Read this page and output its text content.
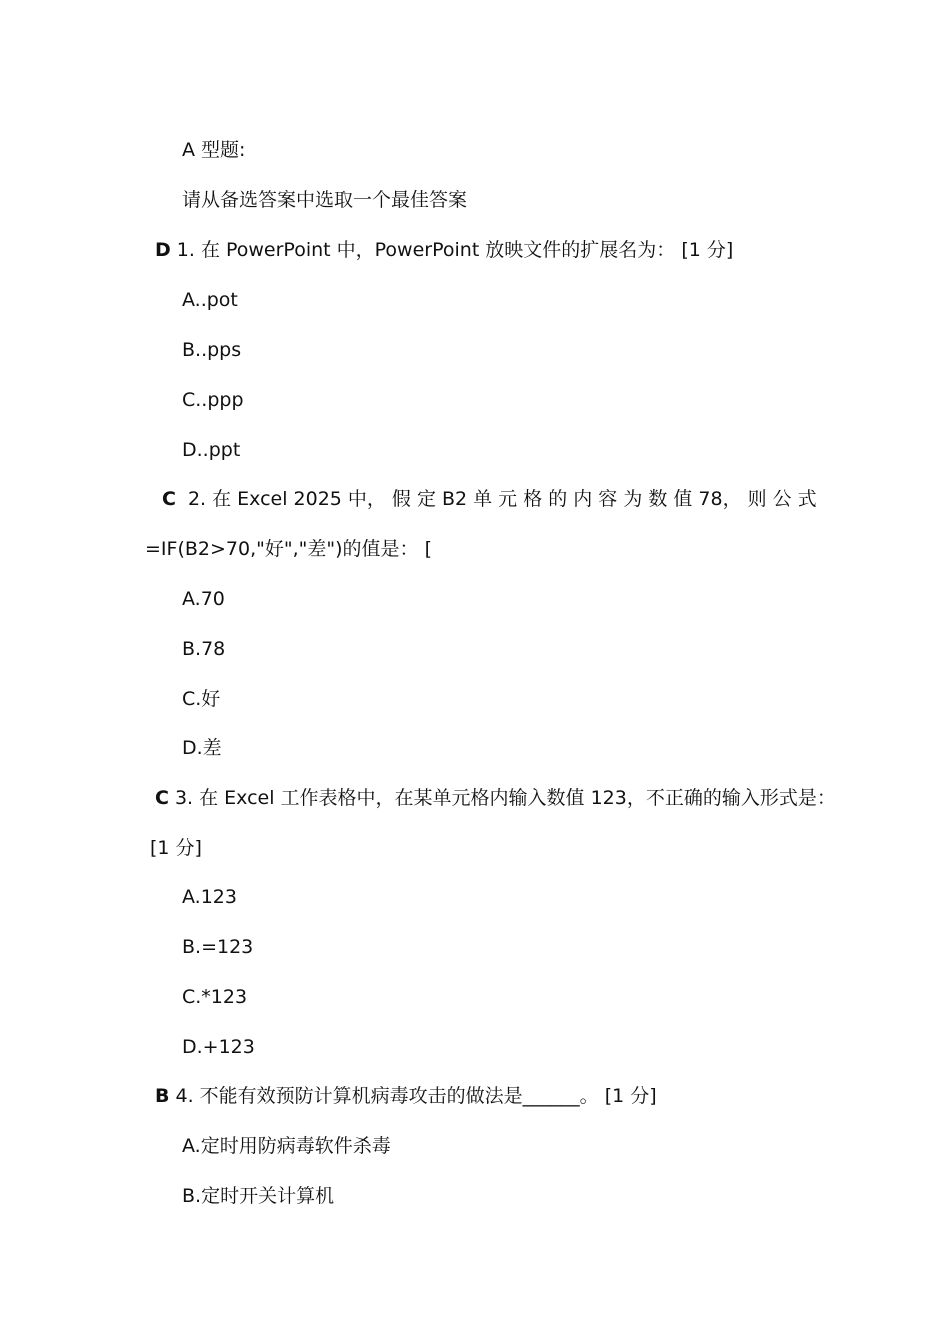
A 型题:
请从备选答案中选取一个最佳答案
D 1. 在 PowerPoint 中，PowerPoint 放映文件的扩展名为： [1 分]
A..pot
B..pps
C..ppp
D..ppt
C 2. 在 Excel 2025 中， 假 定 B2 单 元 格 的 内 容 为 数 值 78， 则 公 式
=IF(B2>70,"好","差")的值是： [
A.70
B.78
C.好
D.差
C 3. 在 Excel 工作表格中，在某单元格内输入数值 123，不正确的输入形式是：
[1 分]
A.123
B.=123
C.*123
D.+123
B 4. 不能有效预防计算机病毒攻击的做法是______。 [1 分]
A.定时用防病毒软件杀毒
B.定时开关计算机
